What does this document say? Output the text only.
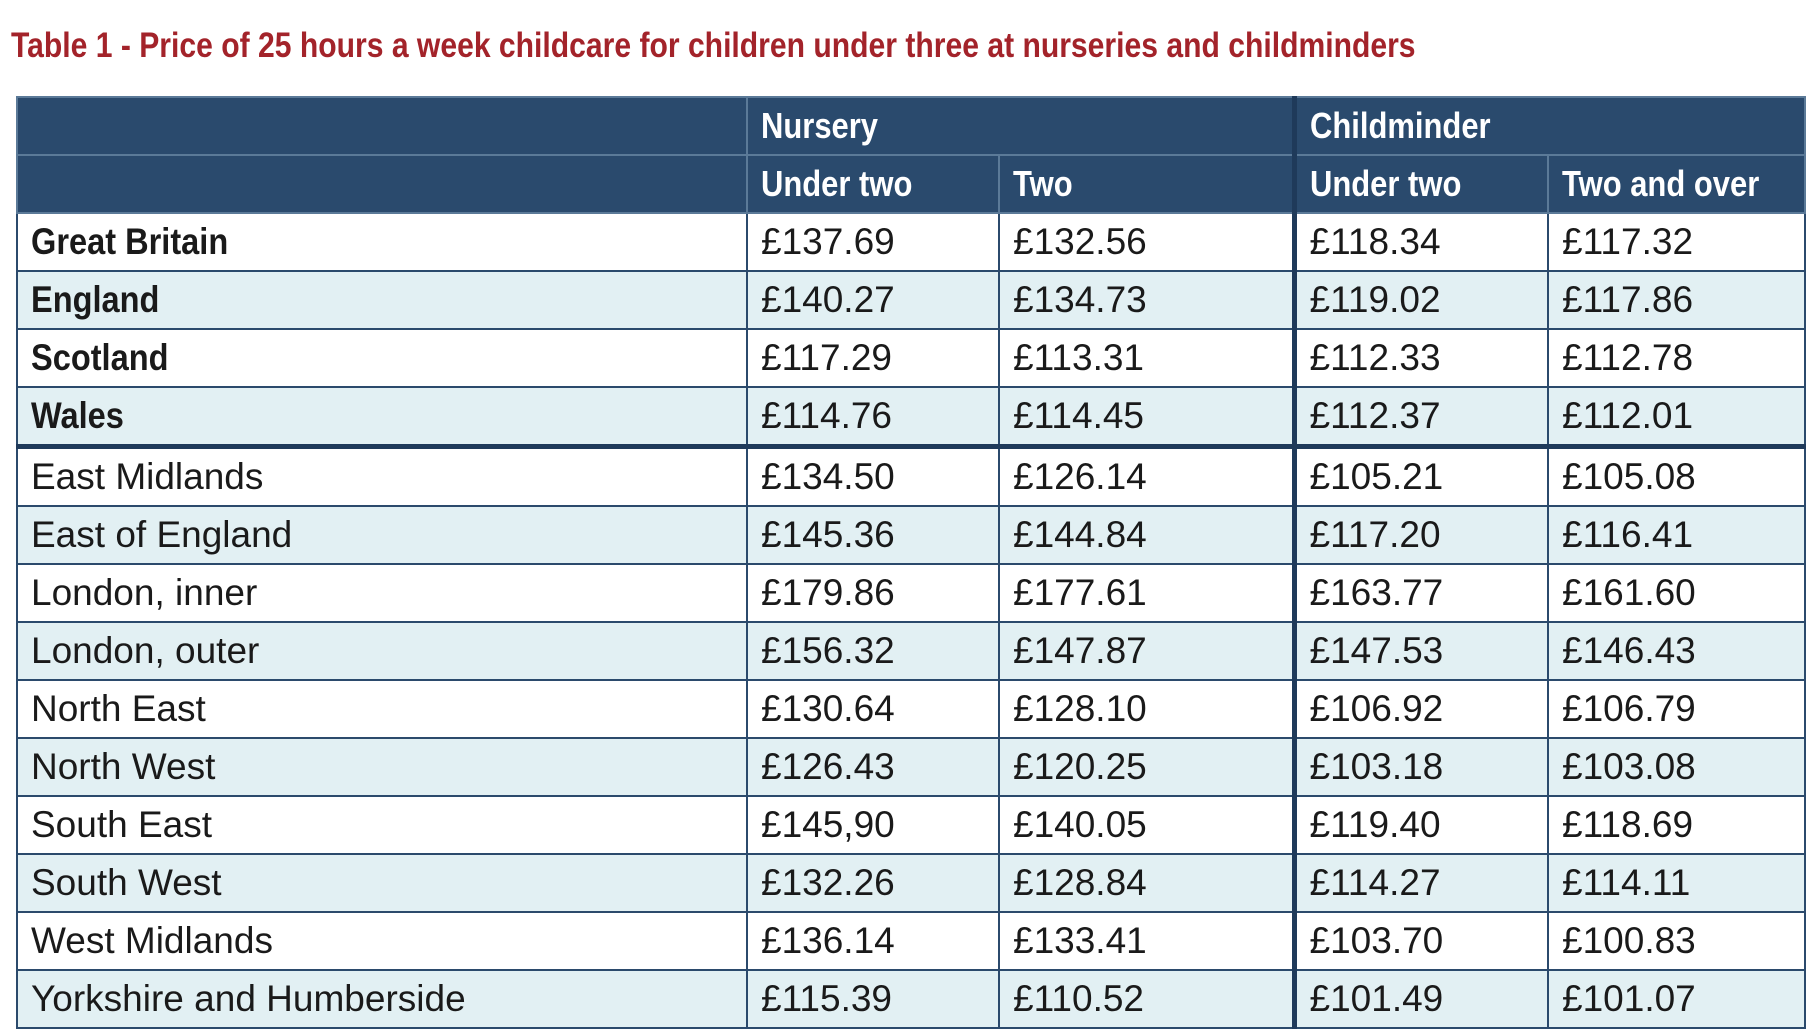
Table 1 - Price of 25 hours a week childcare for children under three at nurseries and childminders
	Nursery		Childminder	
	Under two	Two	Under two	Two and over
Great Britain	£137.69	£132.56	£118.34	£117.32
England	£140.27	£134.73	£119.02	£117.86
Scotland	£117.29	£113.31	£112.33	£112.78
Wales	£114.76	£114.45	£112.37	£112.01
East Midlands	£134.50	£126.14	£105.21	£105.08
East of England	£145.36	£144.84	£117.20	£116.41
London, inner	£179.86	£177.61	£163.77	£161.60
London, outer	£156.32	£147.87	£147.53	£146.43
North East	£130.64	£128.10	£106.92	£106.79
North West	£126.43	£120.25	£103.18	£103.08
South East	£145,90	£140.05	£119.40	£118.69
South West	£132.26	£128.84	£114.27	£114.11
West Midlands	£136.14	£133.41	£103.70	£100.83
Yorkshire and Humberside	£115.39	£110.52	£101.49	£101.07
